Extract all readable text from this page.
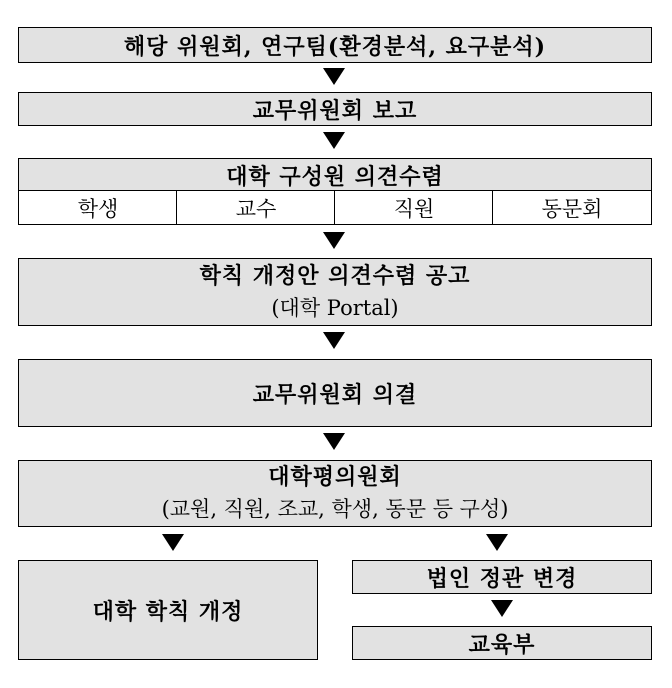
해당 위원회, 연구팀(환경분석, 요구분석)
교무위원회 보고
대학 구성원 의견수렴
학생	교수	직원	동문회
학칙 개정안 의견수렴 공고
(대학 Portal)
교무위원회 의결
대학평의원회
(교원, 직원, 조교, 학생, 동문 등 구성)
대학 학칙 개정
법인 정관 변경
교육부
